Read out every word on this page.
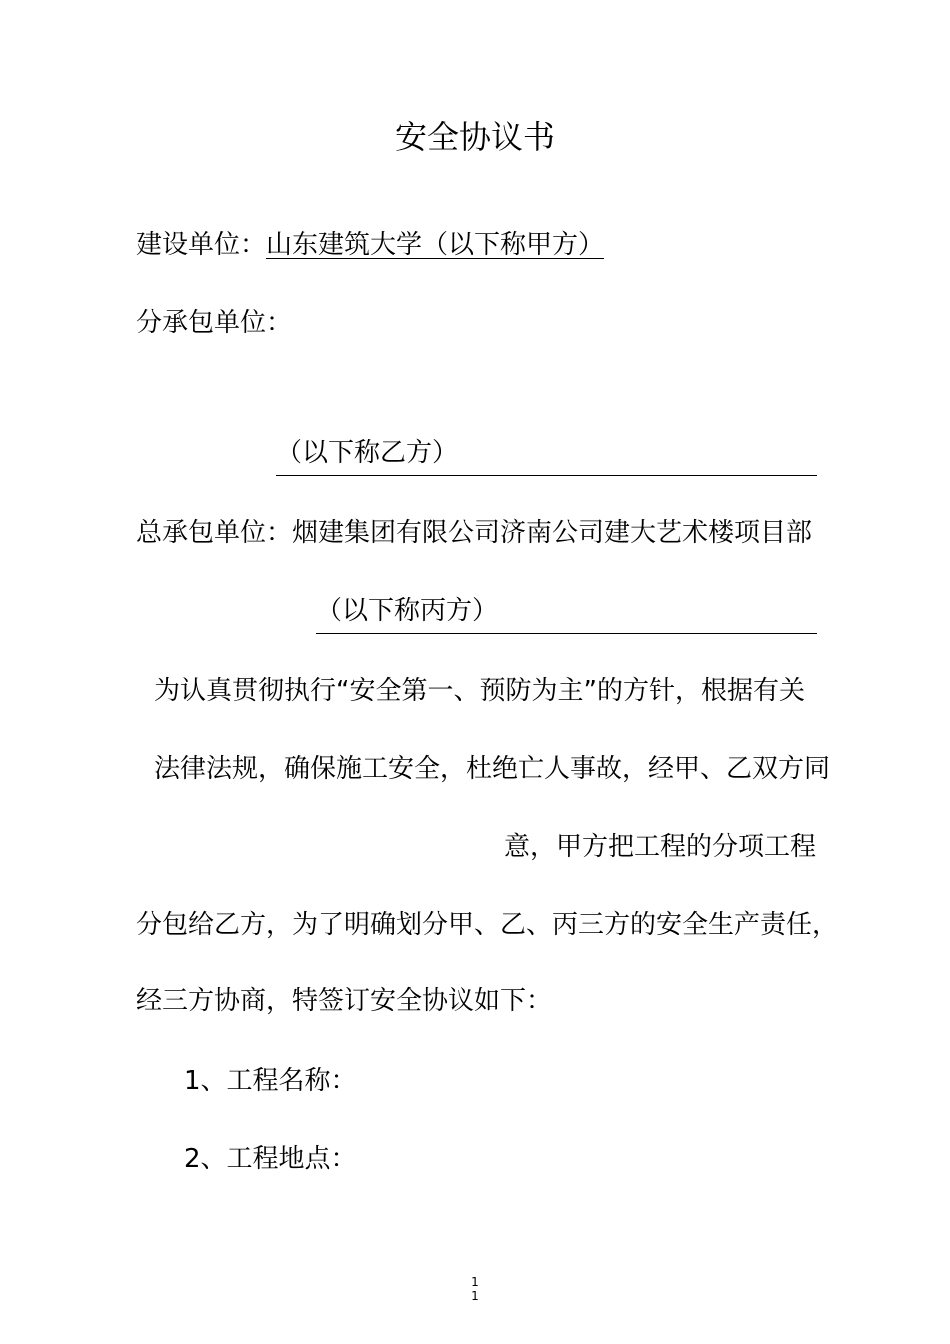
安全协议书
建设单位：山东建筑大学（以下称甲方）
分承包单位：
（以下称乙方）
总承包单位：烟建集团有限公司济南公司建大艺术楼项目部
（以下称丙方）
为认真贯彻执行“安全第一、预防为主”的方针，根据有关
法律法规，确保施工安全，杜绝亡人事故，经甲、乙双方同
意，甲方把工程的分项工程
分包给乙方，为了明确划分甲、乙、丙三方的安全生产责任，
经三方协商，特签订安全协议如下：
1、工程名称：
2、工程地点：
1
1
